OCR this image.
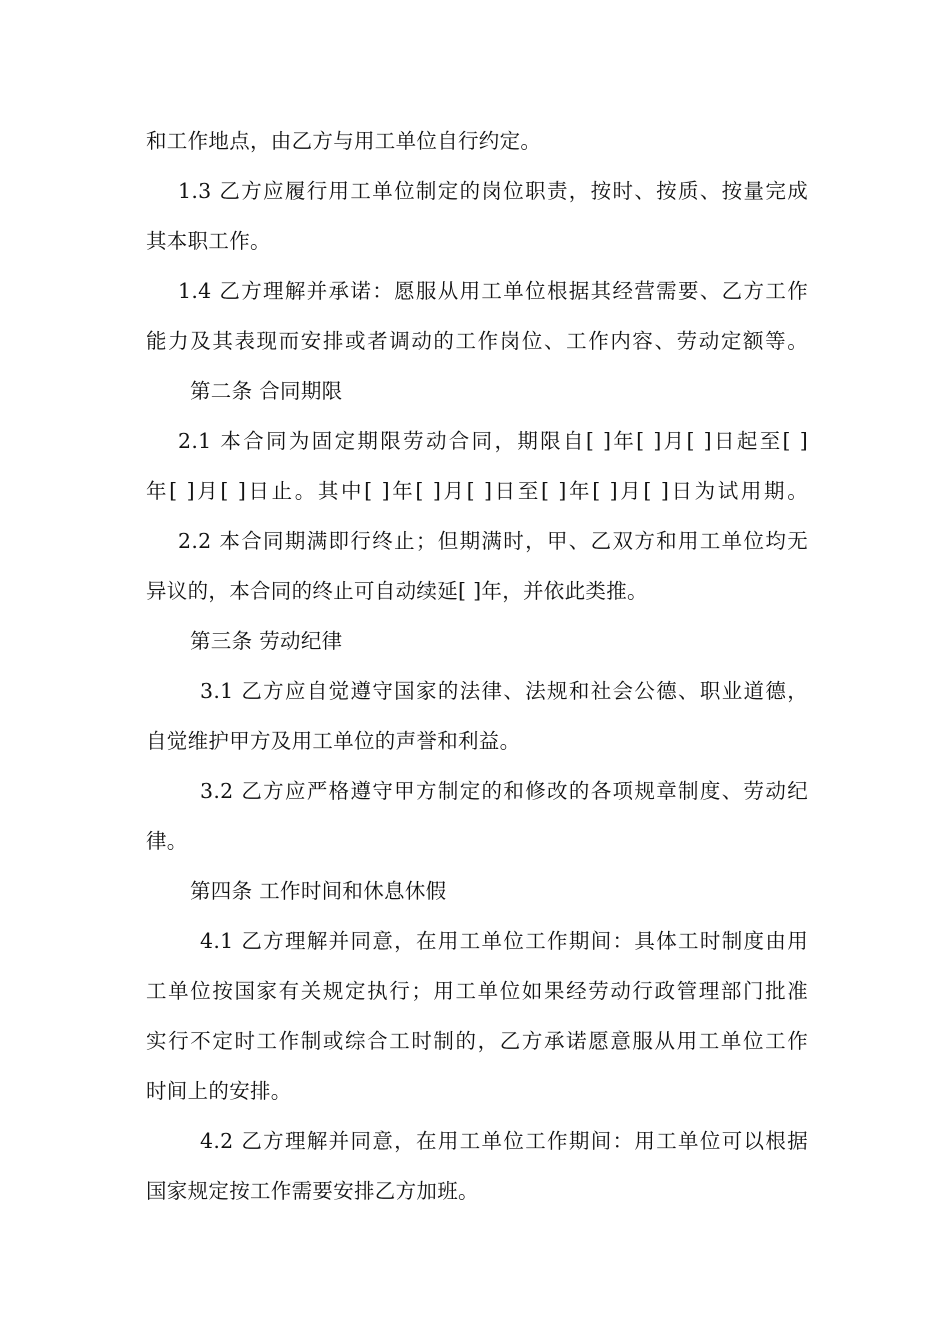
和工作地点，由乙方与用工单位自行约定。
1.3 乙方应履行用工单位制定的岗位职责，按时、按质、按量完成
其本职工作。
1.4 乙方理解并承诺：愿服从用工单位根据其经营需要、乙方工作
能力及其表现而安排或者调动的工作岗位、工作内容、劳动定额等。
第二条 合同期限
2.1 本合同为固定期限劳动合同，期限自[ ]年[ ]月[ ]日起至[ ]
年[ ]月[ ]日止。其中[ ]年[ ]月[ ]日至[ ]年[ ]月[ ]日为试用期。
2.2 本合同期满即行终止；但期满时，甲、乙双方和用工单位均无
异议的，本合同的终止可自动续延[ ]年，并依此类推。
第三条 劳动纪律
3.1 乙方应自觉遵守国家的法律、法规和社会公德、职业道德，
自觉维护甲方及用工单位的声誉和利益。
3.2 乙方应严格遵守甲方制定的和修改的各项规章制度、劳动纪
律。
第四条 工作时间和休息休假
4.1 乙方理解并同意，在用工单位工作期间：具体工时制度由用
工单位按国家有关规定执行；用工单位如果经劳动行政管理部门批准
实行不定时工作制或综合工时制的，乙方承诺愿意服从用工单位工作
时间上的安排。
4.2 乙方理解并同意，在用工单位工作期间：用工单位可以根据
国家规定按工作需要安排乙方加班。
